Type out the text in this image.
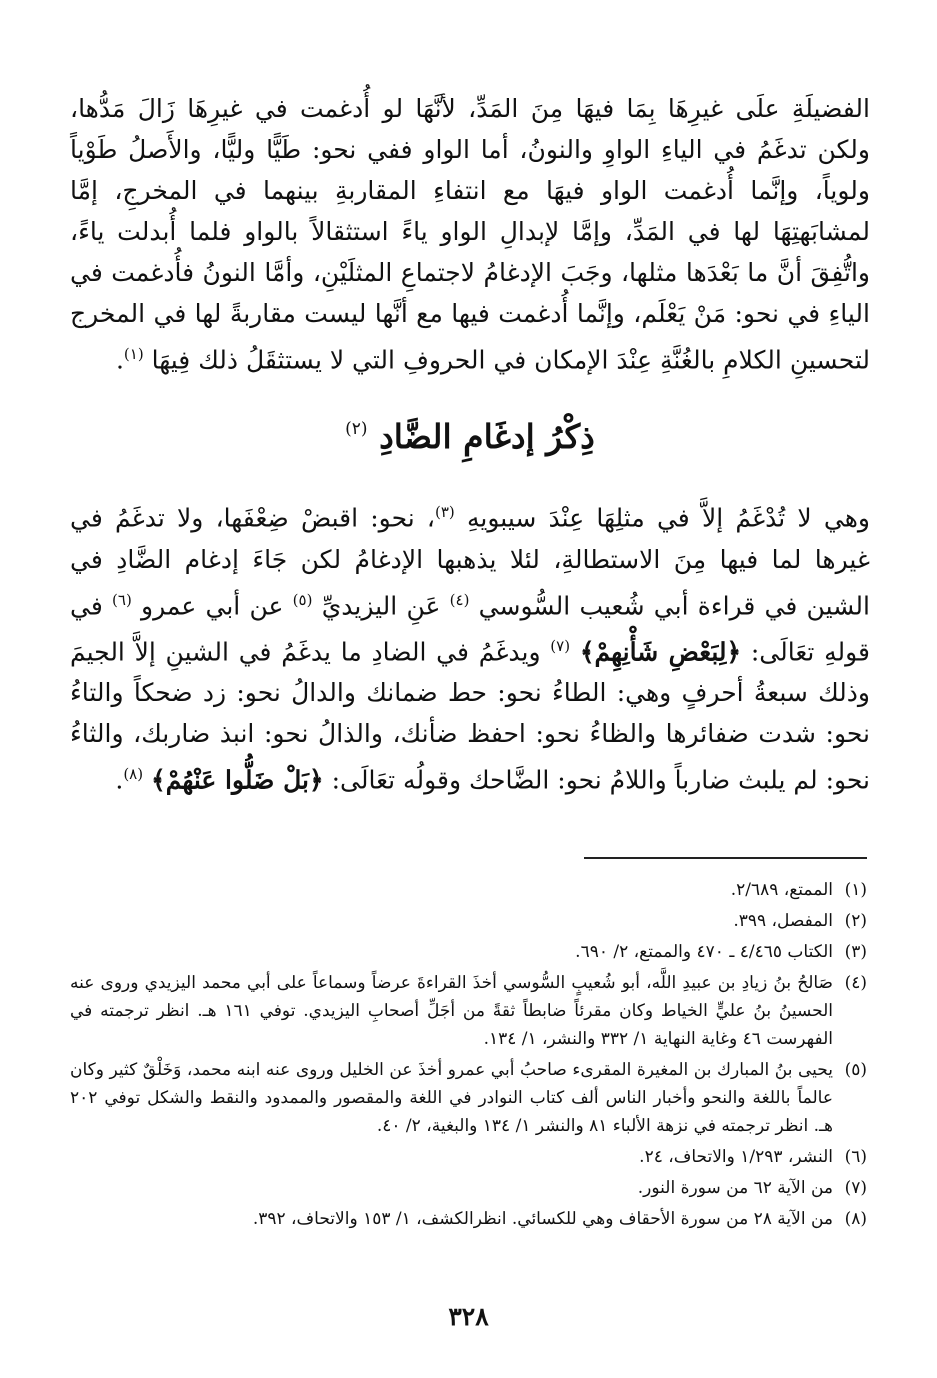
الفضيلَةِ علَى غيرِهَا بِمَا فيهَا مِنَ المَدِّ، لأنَّهَا لو أُدغمت في غيرِهَا زَالَ مَدُّها، ولكن تدغَمُ في الياءِ الواوِ والنونُ، أما الواو ففي نحو: طَيًّا وليًّا، والأَصلُ طَوْياً ولوياً، وإنَّما أُدغمت الواو فيهَا مع انتفاءِ المقاربةِ بينهما في المخرجِ، إمَّا لمشابَهتِهَا لها في المَدِّ، وإمَّا لإبدالِ الواو ياءً استثقالاً بالواو فلما أُبدلت ياءً، واتُّفِقَ أنَّ ما بَعْدَها مثلها، وجَبَ الإدغامُ لاجتماعِ المثلَيْنِ، وأمَّا النونُ فأُدغمت في الياءِ في نحو: مَنْ يَعْلَم، وإنَّما أُدغمت فيها مع أنَّها ليست مقاربةً لها في المخرج لتحسينِ الكلامِ بالغُنَّةِ عِنْدَ الإمكان في الحروفِ التي لا يستثقَلُ ذلك فِيهَا $^{(١)}$.

ذِكْرُ إدغَامِ الضَّادِ $^{(٢)}$

وهي لا تُدْغَمُ إلاَّ في مثلِهَا عِنْدَ سيبويهِ $^{(٣)}$، نحو: اقبضْ ضِعْفَها، ولا تدغَمُ في غيرها لما فيها مِنَ الاستطالةِ، لئلا يذهبها الإدغامُ لكن جَاءَ إدغام الضَّادِ في الشين في قراءة أبي شُعيب السُّوسي $^{(٤)}$ عَنِ اليزيديِّ $^{(٥)}$ عن أبي عمرو $^{(٦)}$ في قولهِ تعَالَى: ﴿لِبَعْضِ شَأْنِهِمْ﴾ $^{(٧)}$ ويدغَمُ في الضادِ ما يدغَمُ في الشينِ إلاَّ الجيمَ وذلك سبعةُ أحرفٍ وهي: الطاءُ نحو: حط ضمانك والدالُ نحو: زد ضحكاً والتاءُ نحو: شدت ضفائرها والظاءُ نحو: احفظ ضأنك، والذالُ نحو: انبذ ضاربك، والثاءُ نحو: لم يلبث ضارباً واللامُ نحو: الضَّاحك وقولُه تعَالَى: ﴿بَلْ ضَلُّوا عَنْهُمْ﴾ $^{(٨)}$.

(١)
الممتع، ٢/٦٨٩.
(٢)
المفصل، ٣٩٩.
(٣)
الكتاب ٤/٤٦٥ ـ ٤٧٠ والممتع، ٢/ ٦٩٠.
(٤)
صَالحُ بنُ زيادِ بن عبيدِ اللَّه، أبو شُعيبٍ السُّوسي أخذَ القراءةَ عرضاً وسماعاً على أبي محمد اليزيدي وروى عنه الحسينُ بنُ عليٍّ الخياط وكان مقرئاً ضابطاً ثقةً من أجَلِّ أصحابِ اليزيدي. توفي ١٦١ هـ. انظر ترجمته في الفهرست ٤٦ وغاية النهاية ١/ ٣٣٢ والنشر، ١/ ١٣٤.
(٥)
يحيى بنُ المبارك بن المغيرة المقرىء صاحبُ أبي عمرو أخذَ عن الخليل وروى عنه ابنه محمد، وَخَلْقٌ كثير وكان عالماً باللغة والنحو وأخبار الناس ألف كتاب النوادر في اللغة والمقصور والممدود والنقط والشكل توفي ٢٠٢ هـ. انظر ترجمته في نزهة الألباء ٨١ والنشر ١/ ١٣٤ والبغية، ٢/ ٤٠.
(٦)
النشر، ١/٢٩٣ والاتحاف، ٢٤.
(٧)
من الآية ٦٢ من سورة النور.
(٨)
من الآية ٢٨ من سورة الأحقاف وهي للكسائي. انظرالكشف، ١/ ١٥٣ والاتحاف، ٣٩٢.
٣٢٨
